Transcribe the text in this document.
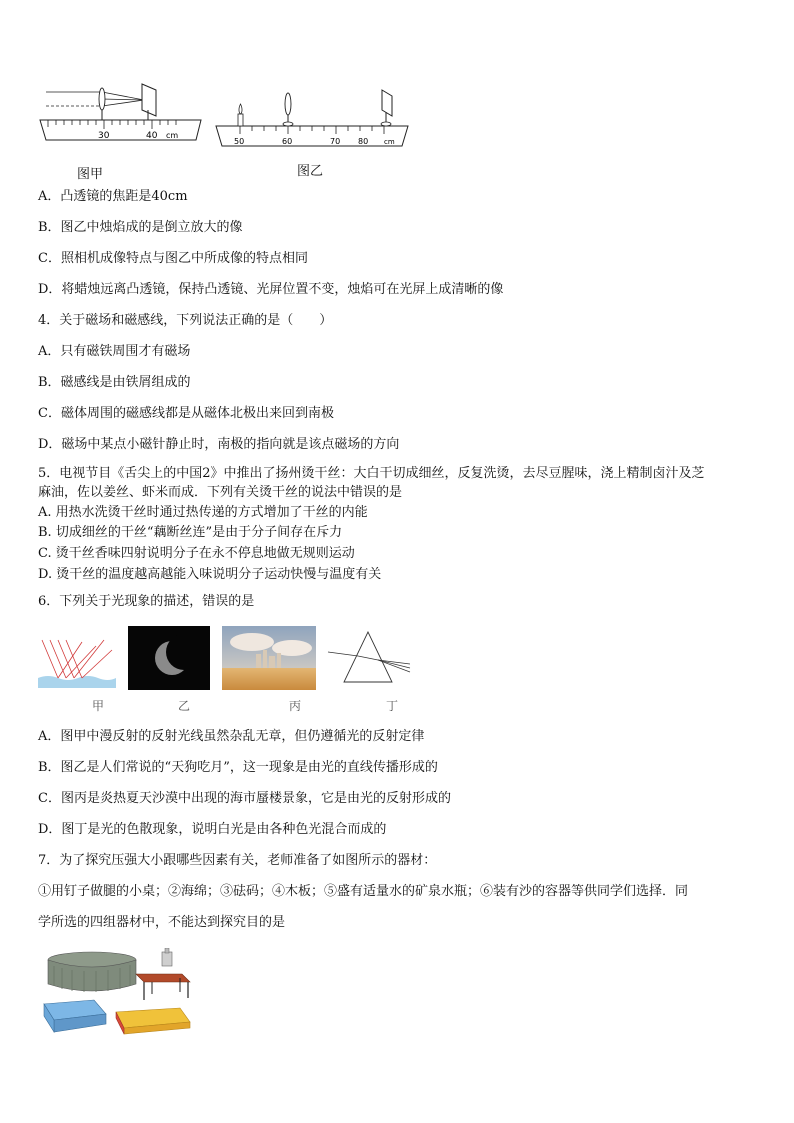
30	40 cm
图甲
50	60	70 80 cm
图乙
A．凸透镜的焦距是40cm
B．图乙中烛焰成的是倒立放大的像
C．照相机成像特点与图乙中所成像的特点相同
D．将蜡烛远离凸透镜，保持凸透镜、光屏位置不变，烛焰可在光屏上成清晰的像
4．关于磁场和磁感线，下列说法正确的是（　　）
A．只有磁铁周围才有磁场
B．磁感线是由铁屑组成的
C．磁体周围的磁感线都是从磁体北极出来回到南极
D．磁场中某点小磁针静止时，南极的指向就是该点磁场的方向
5．电视节目《舌尖上的中国2》中推出了扬州烫干丝：大白干切成细丝，反复洗烫，去尽豆腥味，浇上精制卤汁及芝
麻油，佐以姜丝、虾米而成．下列有关烫干丝的说法中错误的是
A. 用热水洗烫干丝时通过热传递的方式增加了干丝的内能
B. 切成细丝的干丝“藕断丝连”是由于分子间存在斥力
C. 烫干丝香味四射说明分子在永不停息地做无规则运动
D. 烫干丝的温度越高越能入味说明分子运动快慢与温度有关
6．下列关于光现象的描述，错误的是
甲	乙	丙	丁
A．图甲中漫反射的反射光线虽然杂乱无章，但仍遵循光的反射定律
B．图乙是人们常说的“天狗吃月”，这一现象是由光的直线传播形成的
C．图丙是炎热夏天沙漠中出现的海市蜃楼景象，它是由光的反射形成的
D．图丁是光的色散现象，说明白光是由各种色光混合而成的
7．为了探究压强大小跟哪些因素有关，老师准备了如图所示的器材：
①用钉子做腿的小桌；②海绵；③砝码；④木板；⑤盛有适量水的矿泉水瓶；⑥装有沙的容器等供同学们选择．同
学所选的四组器材中，不能达到探究目的是
